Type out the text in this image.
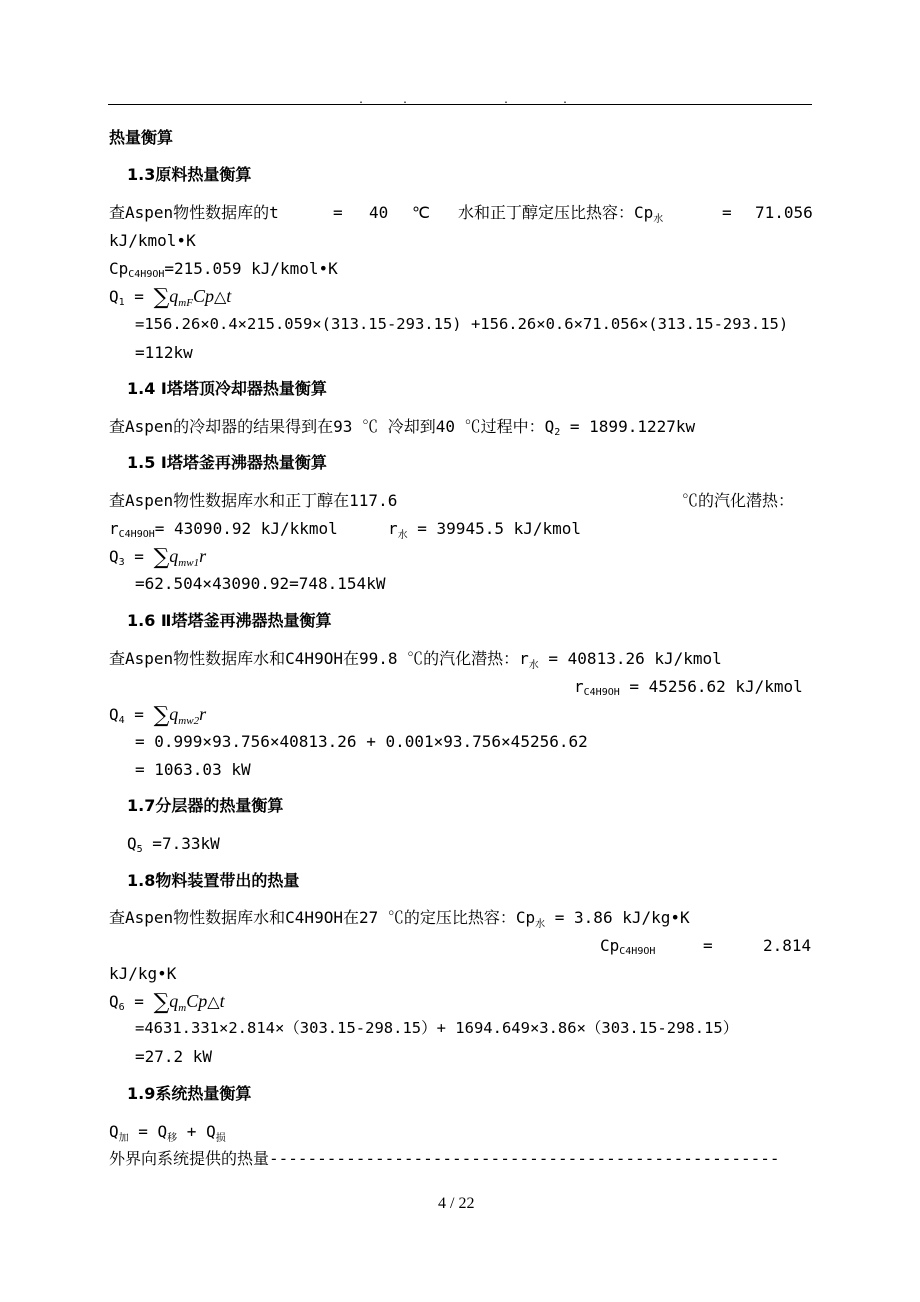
.	.	.	.
热量衡算
1.3原料热量衡算
查Aspen物性数据库的t	= 40 ℃ 水和正丁醇定压比热容：$Cp_水$	= 71.056
kJ/kmol•K
$Cp_{C4H9OH}=215.059$ kJ/kmol•K
$Q_1$ = $\sum q_{mF}Cp\triangle t$
=156.26×0.4×215.059×(313.15-293.15) +156.26×0.6×71.056×(313.15-293.15)
=112kw
1.4 Ⅰ塔塔顶冷却器热量衡算
查Aspen的冷却器的结果得到在93 ℃ 冷却到40 ℃过程中：$Q_2 = 1899.1227kw$
1.5 Ⅰ塔塔釜再沸器热量衡算
查Aspen物性数据库水和正丁醇在117.6	℃的汽化潜热：
$r_{C4H9OH}= 43090.92$ kJ/kkmol	$r_水 = 39945.5$ kJ/kmol
$Q_3 = \sum q_{mw1}r$
=62.504×43090.92=748.154kW
1.6 Ⅱ塔塔釜再沸器热量衡算
查Aspen物性数据库水和C4H9OH在99.8 ℃的汽化潜热：$r_水 = 40813.26$ kJ/kmol
$r_{C4H9OH} = 45256.62$ kJ/kmol
$Q_4 = \sum q_{mw2}r$
= 0.999×93.756×40813.26 + 0.001×93.756×45256.62
= 1063.03 kW
1.7分层器的热量衡算
$Q_5 =7.33kW$
1.8物料装置带出的热量
查Aspen物性数据库水和C4H9OH在27 ℃的定压比热容：$Cp_水 = 3.86$ kJ/kg•K
$Cp_{C4H9OH}$	=	2.814
kJ/kg•K
$Q_6$ = $\sum q_mCp\triangle t$
=4631.331×2.814×（303.15-298.15）+ 1694.649×3.86×（303.15-298.15）
=27.2 kW
1.9系统热量衡算
$Q_加 = Q_移 + Q_损$
外界向系统提供的热量-----------------------------------------------------
4 / 22
